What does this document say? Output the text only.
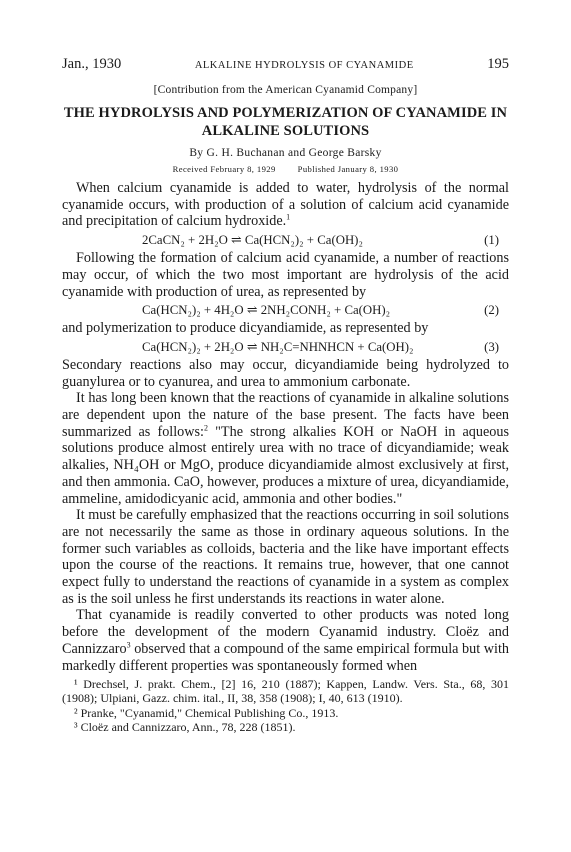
Jan., 1930	ALKALINE HYDROLYSIS OF CYANAMIDE	195
[Contribution from the American Cyanamid Company]
THE HYDROLYSIS AND POLYMERIZATION OF CYANAMIDE IN ALKALINE SOLUTIONS
By G. H. Buchanan and George Barsky
Received February 8, 1929	Published January 8, 1930

When calcium cyanamide is added to water, hydrolysis of the normal cyanamide occurs, with production of a solution of calcium acid cyanamide and precipitation of calcium hydroxide.$^1$

2CaCN₂ + 2H₂O ⇌ Ca(HCN₂)₂ + Ca(OH)₂	(1)

Following the formation of calcium acid cyanamide, a number of reactions may occur, of which the two most important are hydrolysis of the acid cyanamide with production of urea, as represented by

Ca(HCN₂)₂ + 4H₂O ⇌ 2NH₂CONH₂ + Ca(OH)₂	(2)

and polymerization to produce dicyandiamide, as represented by

Ca(HCN₂)₂ + 2H₂O ⇌ NH₂C=NHNHCN + Ca(OH)₂	(3)

Secondary reactions also may occur, dicyandiamide being hydrolyzed to guanylurea or to cyanurea, and urea to ammonium carbonate.

It has long been known that the reactions of cyanamide in alkaline solutions are dependent upon the nature of the base present. The facts have been summarized as follows:$^2$ "The strong alkalies KOH or NaOH in aqueous solutions produce almost entirely urea with no trace of dicyandiamide; weak alkalies, NH₄OH or MgO, produce dicyandiamide almost exclusively at first, and then ammonia. CaO, however, produces a mixture of urea, dicyandiamide, ammeline, amidodicyanic acid, ammonia and other bodies."

It must be carefully emphasized that the reactions occurring in soil solutions are not necessarily the same as those in ordinary aqueous solutions. In the former such variables as colloids, bacteria and the like have important effects upon the course of the reactions. It remains true, however, that one cannot expect fully to understand the reactions of cyanamide in a system as complex as is the soil unless he first understands its reactions in water alone.

That cyanamide is readily converted to other products was noted long before the development of the modern Cyanamid industry. Cloëz and Cannizzaro$^3$ observed that a compound of the same empirical formula but with markedly different properties was spontaneously formed when

¹ Drechsel, J. prakt. Chem., [2] 16, 210 (1887); Kappen, Landw. Vers. Sta., 68, 301 (1908); Ulpiani, Gazz. chim. ital., II, 38, 358 (1908); I, 40, 613 (1910).
² Pranke, "Cyanamid," Chemical Publishing Co., 1913.
³ Cloëz and Cannizzaro, Ann., 78, 228 (1851).
